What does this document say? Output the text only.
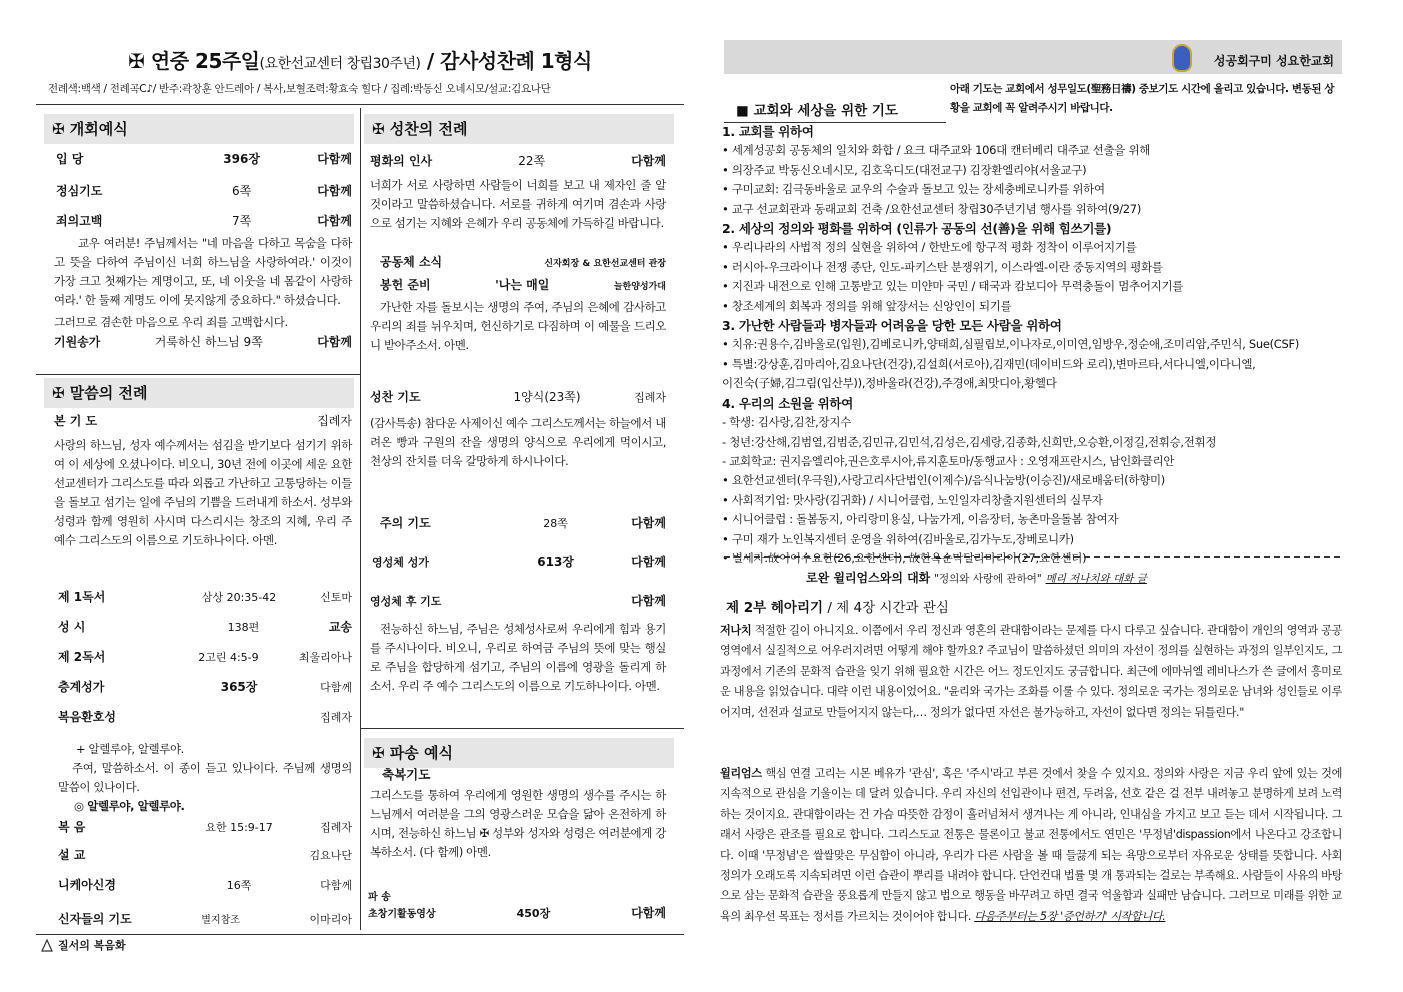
✠ 연중 25주일(요한선교센터 창립30주년) / 감사성찬례 1형식
전례색:백색 / 전례곡C♪/ 반주:곽창훈 안드레아 / 복사,보혈조력:황효숙 힐다 / 집례:박동신 오네시모/설교:김요나단
✠ 개회예식
입 당	396장	다함께
정심기도	6쪽	다함께
죄의고백	7쪽	다함께
교우 여러분! 주님께서는 "네 마음을 다하고 목숨을 다하고 뜻을 다하여 주님이신 너희 하느님을 사랑하여라.' 이것이 가장 크고 첫째가는 계명이고, 또, 네 이웃을 네 몸같이 사랑하여라.' 한 둘째 계명도 이에 못지않게 중요하다." 하셨습니다.
그러므로 겸손한 마음으로 우리 죄를 고백합시다.
기원송가	거룩하신 하느님 9쪽	다함께
✠ 말씀의 전례
본 기 도	집례자
사랑의 하느님, 성자 예수께서는 섬김을 받기보다 섬기기 위하여 이 세상에 오셨나이다. 비오니, 30년 전에 이곳에 세운 요한선교센터가 그리스도를 따라 외롭고 가난하고 고통당하는 이들을 돌보고 섬기는 일에 주님의 기쁨을 드러내게 하소서. 성부와 성령과 함께 영원히 사시며 다스리시는 창조의 지혜, 우리 주 예수 그리스도의 이름으로 기도하나이다. 아멘.
제 1독서	삼상 20:35-42	신토마
성 시	138편	교송
제 2독서	2고린 4:5-9	최울리아나
층계성가	365장	다함께
복음환호성	집례자
+ 알렐루야, 알렐루야.
주여, 말씀하소서. 이 종이 듣고 있나이다. 주님께 생명의 말씀이 있나이다.
◎ 알렐루야, 알렐루야.
복 음	요한 15:9-17	집례자
설 교	김요나단
니케아신경	16쪽	다함께
신자들의 기도	별지참조	이마리아
✠ 성찬의 전례
평화의 인사	22쪽	다함께
너희가 서로 사랑하면 사람들이 너희를 보고 내 제자인 줄 알 것이라고 말씀하셨습니다. 서로를 귀하게 여기며 겸손과 사랑으로 섬기는 지혜와 은혜가 우리 공동체에 가득하길 바랍니다.
공동체 소식	신자회장 & 요한선교센터 관장
봉헌 준비	'나는 매일	늘한양성가대
가난한 자를 돌보시는 생명의 주여, 주님의 은혜에 감사하고 우리의 죄를 뉘우치며, 헌신하기로 다짐하며 이 예물을 드리오니 받아주소서. 아멘.
성찬 기도	1양식(23쪽)	집례자
(감사특송) 참다운 사제이신 예수 그리스도께서는 하늘에서 내려온 빵과 구원의 잔을 생명의 양식으로 우리에게 먹이시고, 천상의 잔치를 더욱 갈망하게 하시나이다.
주의 기도	28쪽	다함께
영성체 성가	613장	다함께
영성체 후 기도	다함께
전능하신 하느님, 주님은 성체성사로써 우리에게 힘과 용기를 주시나이다. 비오니, 우리로 하여금 주님의 뜻에 맞는 행실로 주님을 합당하게 섬기고, 주님의 이름에 영광을 돌리게 하소서. 우리 주 예수 그리스도의 이름으로 기도하나이다. 아멘.
✠ 파송 예식
축복기도
그리스도를 통하여 우리에게 영원한 생명의 생수를 주시는 하느님께서 여러분을 그의 영광스러운 모습을 닮아 온전하게 하시며, 전능하신 하느님 ✠ 성부와 성자와 성령은 여러분에게 강복하소서. (다 함께) 아멘.
파 송
초창기활동영상	450장	다함께
질서의 복음화
성공회구미 성요한교회
아래 기도는 교회에서 성무일도(聖務日禱) 중보기도 시간에 올리고 있습니다. 변동된 상황을 교회에 꼭 알려주시기 바랍니다.
■ 교회와 세상을 위한 기도
1. 교회를 위하여
• 세계성공회 공동체의 일치와 화합 / 요크 대주교와 106대 캔터베리 대주교 선출을 위해
• 의장주교 박동신오네시모, 김호욱디도(대전교구) 김장환엘리야(서울교구)
• 구미교회: 김극동바울로 교우의 수술과 돌보고 있는 장세충베로니카를 위하여
• 교구 선교회관과 동래교회 건축 /요한선교센터 창립30주년기념 행사를 위하여(9/27)
2. 세상의 정의와 평화를 위하여 (인류가 공동의 선(善)을 위해 힘쓰기를)
• 우리나라의 사법적 정의 실현을 위하여 / 한반도에 항구적 평화 정착이 이루어지기를
• 러시아-우크라이나 전쟁 종단, 인도-파키스탄 분쟁위기, 이스라엘-이란 중동지역의 평화를
• 지진과 내전으로 인해 고통받고 있는 미얀마 국민 / 태국과 캄보디아 무력충돌이 멈추어지기를
• 창조세계의 회복과 정의를 위해 앞장서는 신앙인이 되기를
3. 가난한 사람들과 병자들과 어려움을 당한 모든 사람을 위하여
• 치유:권용수,김바울로(입원),김베로니카,양태희,심필립보,이나자로,이미연,임방우,정순애,조미리암,주민식, Sue(CSF)
• 특별:강상훈,김마리아,김요나단(건강),김설희(서로아),김재민(데이비드와 로리),변마르타,서다니엘,이다니엘,
이진숙(子婦,김그림(입산부)),정바울라(건강),주경애,최맛디아,황헬다
4. 우리의 소원을 위하여
- 학생: 김사랑,김찬,장지수
- 청년:강산해,김범열,김범준,김민규,김민석,김성은,김세랑,김종화,신희만,오승환,이정길,전휘승,전휘정
- 교회학교: 권지음엘리야,권은호루시아,류지훈토마/동행교사 : 오영재프란시스, 남인화클리안
• 요한선교센터(우극원),사랑고리사단법인(이제수)/음식나눔방(이승진)/새로배움터(하향미)
• 사회적기업: 맛사랑(김귀화) / 시니어클럽, 노인일자리창출지원센터의 실무자
• 시니어클럽 : 돌봄동지, 아리랑미용실, 나눔가게, 이음장터, 농촌마을돌봄 참여자
• 구미 재가 노인복지센터 운영을 위하여(김바울로,김가누도,장베로니카)
• 별세자:故이이수요한(26,요한센터), 故한옥순막달라마리아(27,요한센터)
로완 윌리엄스와의 대화 "정의와 사랑에 관하여" 메리 저나치와 대화 글
제 2부 헤아리기 / 제 4장 시간과 관심
저나치 적절한 길이 아니지요. 이쯤에서 우리 정신과 영혼의 관대함이라는 문제를 다시 다루고 싶습니다. 관대함이 개인의 영역과 공공 영역에서 실질적으로 어우러지려면 어떻게 해야 할까요? 주교님이 말씀하셨던 의미의 자선이 정의를 실현하는 과정의 일부인지도, 그 과정에서 기존의 문화적 습관을 잊기 위해 필요한 시간은 어느 정도인지도 궁금합니다. 최근에 에마뉘엘 레비나스가 쓴 글에서 흥미로운 내용을 읽었습니다. 대략 이런 내용이었어요. "윤리와 국가는 조화를 이룰 수 있다. 정의로운 국가는 정의로운 남녀와 성인들로 이루어지며, 선전과 설교로 만들어지지 않는다,… 정의가 없다면 자선은 불가능하고, 자선이 없다면 정의는 뒤틀린다."
윌리엄스 핵심 연결 고리는 시몬 베유가 '관심', 혹은 '주시'라고 부른 것에서 찾을 수 있지요. 정의와 사랑은 지금 우리 앞에 있는 것에 지속적으로 관심을 기울이는 데 달려 있습니다. 우리 자신의 선입관이나 편견, 두려움, 선호 같은 걸 전부 내려놓고 분명하게 보려 노력하는 것이지요. 관대함이라는 건 가슴 따뜻한 감정이 흘러넘쳐서 생겨나는 게 아니라, 인내심을 가지고 보고 듣는 데서 시작됩니다. 그래서 사랑은 관조를 필요로 합니다. 그리스도교 전통은 물론이고 불교 전통에서도 연민은 '무정념'dispassion에서 나온다고 강조합니다. 이때 '무정념'은 쌀쌀맞은 무심함이 아니라, 우리가 다른 사람을 볼 때 들끓게 되는 욕망으로부터 자유로운 상태를 뜻합니다. 사회 정의가 오래도록 지속되려면 이런 습관이 뿌리를 내려야 합니다. 단언컨대 법률 몇 개 통과되는 걸로는 부족해요. 사람들이 사유의 바탕으로 삼는 문화적 습관을 풍요롭게 만들지 않고 법으로 행동을 바꾸려고 하면 결국 억울함과 실패만 남습니다. 그러므로 미래를 위한 교육의 최우선 목표는 정서를 가르치는 것이어야 합니다. 다음주부터는 5장 '증언하기' 시작합니다.
